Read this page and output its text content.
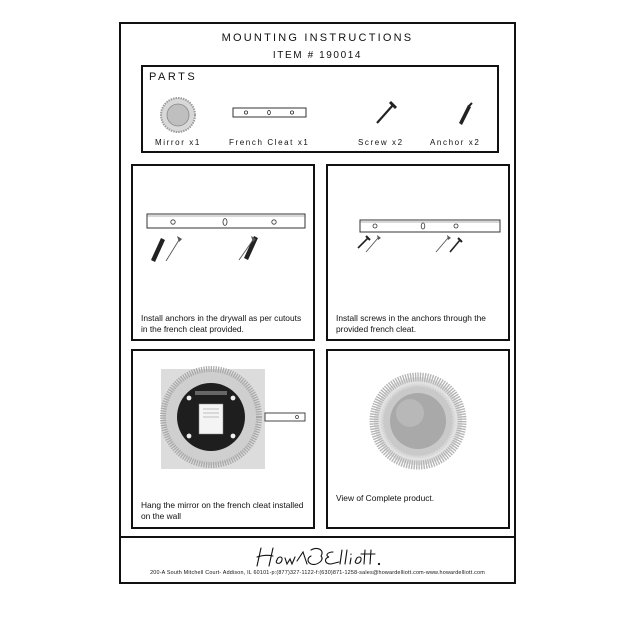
MOUNTING INSTRUCTIONS
ITEM # 190014
PARTS
Mirror x1	French Cleat x1	Screw x2	Anchor x2
Install anchors in the drywall as per cutouts in the french cleat provided.
Install screws in the anchors through the provided french cleat.
Hang the mirror on the french cleat installed on the wall
View of Complete product.
200-A South Mitchell Court- Addison, IL 60101-p:(877)327-1122-f:(630)871-1258-sales@howardelliott.com-www.howardelliott.com
